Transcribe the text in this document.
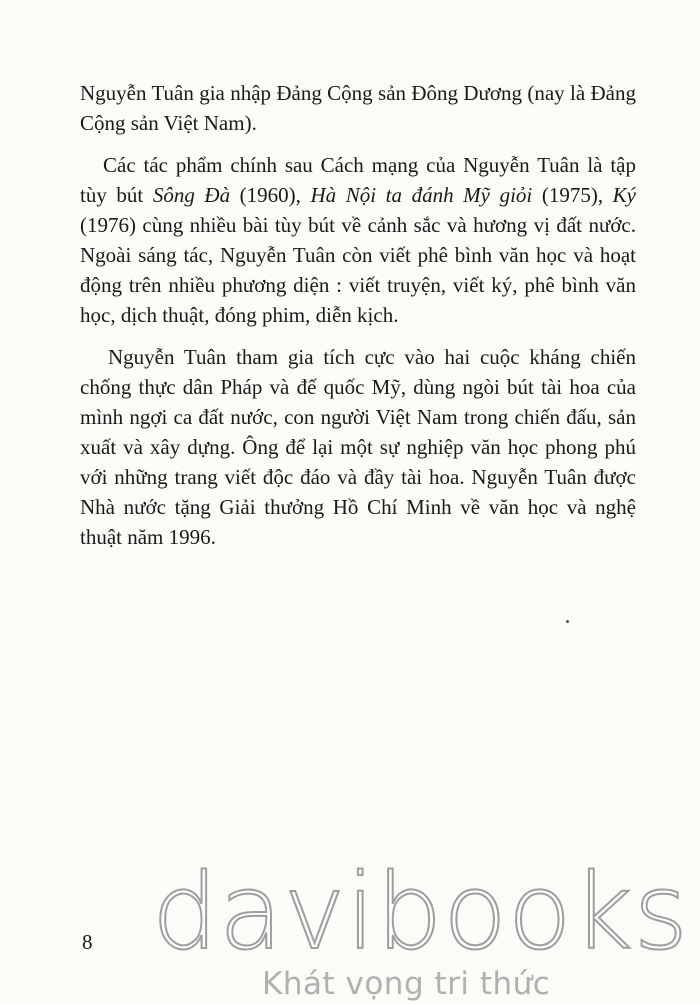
Nguyễn Tuân gia nhập Đảng Cộng sản Đông Dương (nay là Đảng Cộng sản Việt Nam).

Các tác phẩm chính sau Cách mạng của Nguyễn Tuân là tập tùy bút Sông Đà (1960), Hà Nội ta đánh Mỹ giỏi (1975), Ký (1976) cùng nhiều bài tùy bút về cảnh sắc và hương vị đất nước. Ngoài sáng tác, Nguyễn Tuân còn viết phê bình văn học và hoạt động trên nhiều phương diện : viết truyện, viết ký, phê bình văn học, dịch thuật, đóng phim, diễn kịch.

Nguyễn Tuân tham gia tích cực vào hai cuộc kháng chiến chống thực dân Pháp và đế quốc Mỹ, dùng ngòi bút tài hoa của mình ngợi ca đất nước, con người Việt Nam trong chiến đấu, sản xuất và xây dựng. Ông để lại một sự nghiệp văn học phong phú với những trang viết độc đáo và đầy tài hoa. Nguyễn Tuân được Nhà nước tặng Giải thưởng Hồ Chí Minh về văn học và nghệ thuật năm 1996.

8 davibooks
Khát vọng tri thức
